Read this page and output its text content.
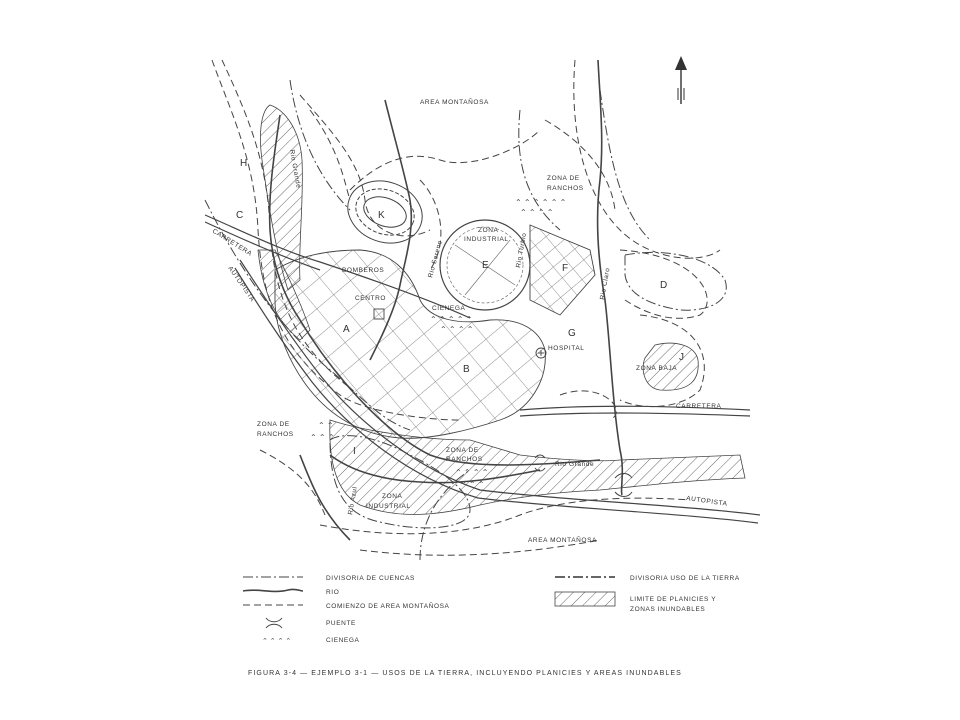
⌃ ⌃ ⌃ ⌃ ⌃
⌃ ⌃ ⌃ ⌃
⌃ ⌃
⌃ ⌃ ⌃
⌃ ⌃ ⌃ ⌃
⌃ ⌃ ⌃
⌃ ⌃ ⌃ ⌃ ⌃ ⌃
⌃ ⌃ ⌃ ⌃
AREA MONTAÑOSA
AREA MONTAÑOSA
ZONA DE
RANCHOS
ZONA DE
RANCHOS
ZONA
INDUSTRIAL
ZONA
INDUSTRIAL
ZONA DE
RANCHOS
BOMBEROS
CENTRO
CIENEGA
HOSPITAL
ZONA BAJA
CARRETERA
CARRETERA
AUTOPISTA
AUTOPISTA
Rio Grande
Rio Grande
Rio Claro
Rio Sereno	Rio Turbio
Rio Azul
A
B
C
D
E	F
G
H
I
J
K
DIVISORIA DE CUENCAS
RIO
COMIENZO DE AREA MONTAÑOSA
PUENTE
⌃ ⌃ ⌃ ⌃	CIENEGA
DIVISORIA USO DE LA TIERRA
LIMITE DE PLANICIES Y
ZONAS INUNDABLES
FIGURA 3-4 — EJEMPLO 3-1 — USOS DE LA TIERRA, INCLUYENDO PLANICIES Y AREAS INUNDABLES
